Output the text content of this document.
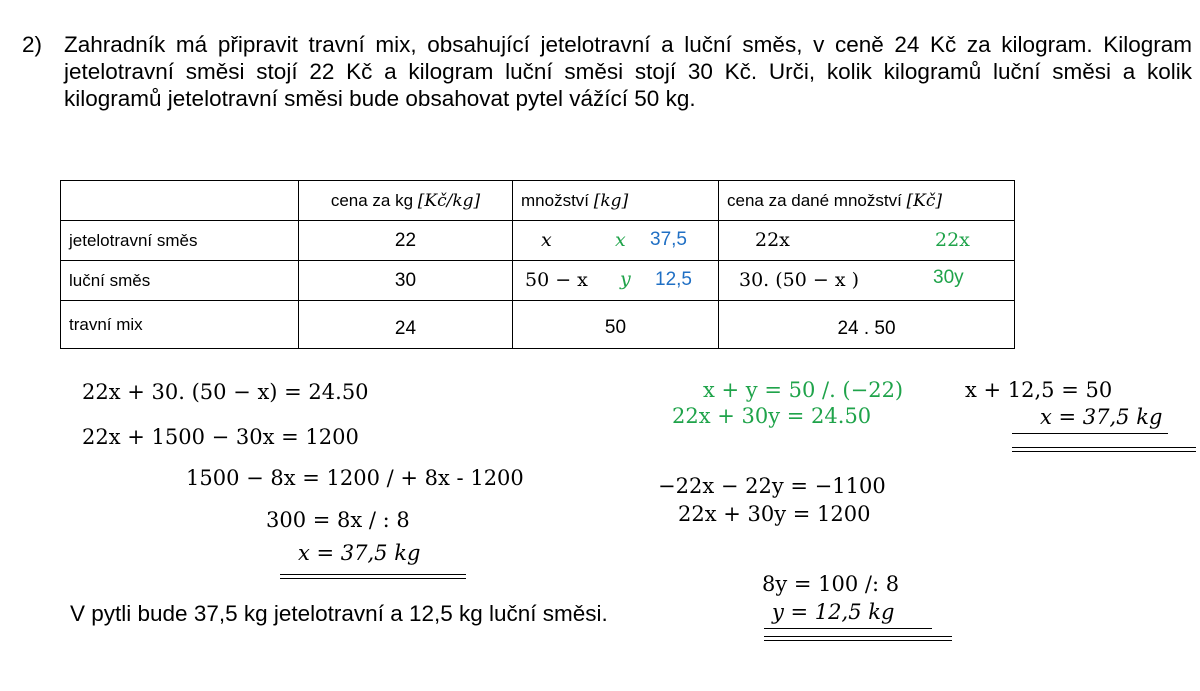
2) Zahradník má připravit travní mix, obsahující jetelotravní a luční směs, v ceně 24 Kč za kilogram. Kilogram jetelotravní směsi stojí 22 Kč a kilogram luční směsi stojí 30 Kč. Urči, kolik kilogramů luční směsi a kolik kilogramů jetelotravní směsi bude obsahovat pytel vážící 50 kg.
	cena za kg [Kč/kg]	množství [kg]	cena za dané množství [Kč]
jetelotravní směs	22	x x 37,5	22x 22x

luční směs	30	50 − x y 12,5	30. (50 − x ) 30y

travní mix	24	50	24 . 50
22x + 30. (50 − x) = 24.50
22x + 1500 − 30x = 1200
1500 − 8x = 1200 / + 8x - 1200
300 = 8x / : 8
x = 37,5 kg
V pytli bude 37,5 kg jetelotravní a 12,5 kg luční směsi.
x + y = 50 /. (−22)
22x + 30y = 24.50
x + 12,5 = 50
x = 37,5 kg
−22x − 22y = −1100
22x + 30y = 1200
8y = 100 /: 8
y = 12,5 kg
